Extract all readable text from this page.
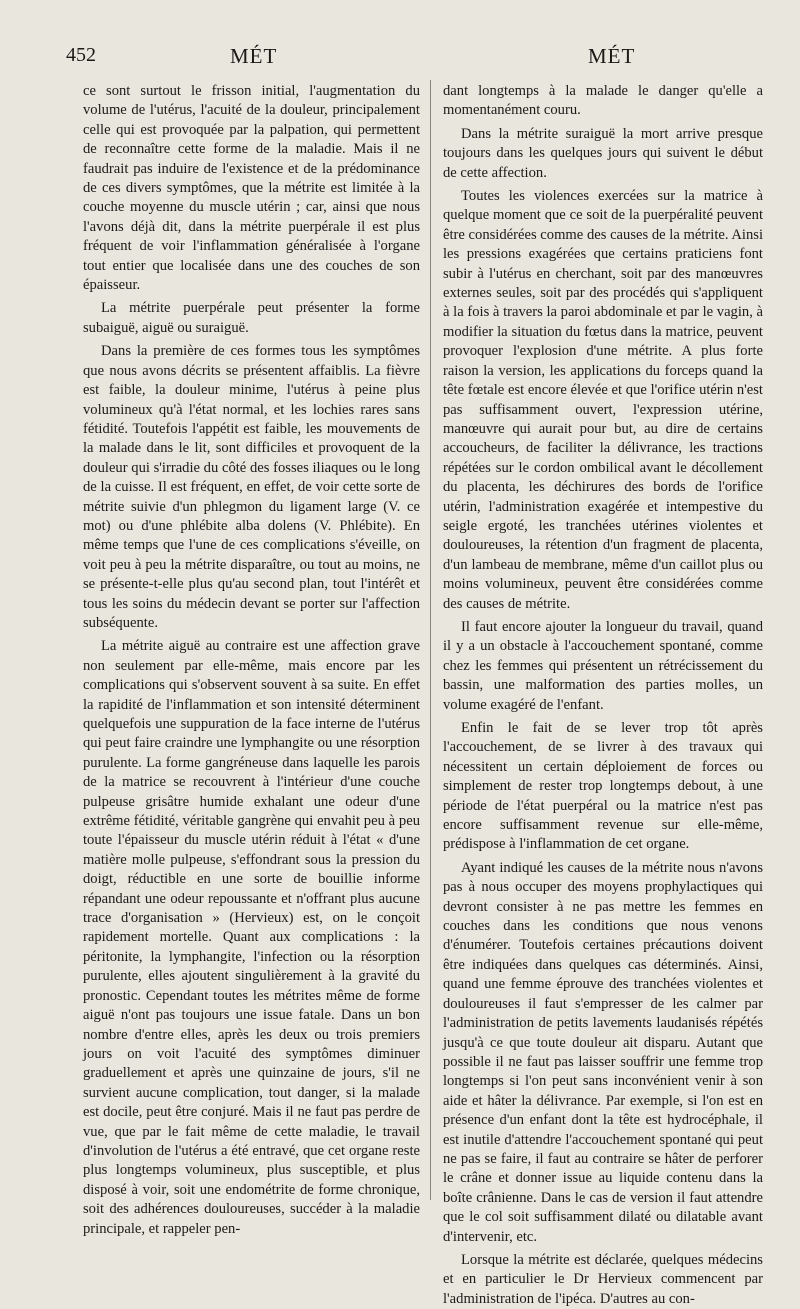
452	MÉT	MÉT

ce sont surtout le frisson initial, l'augmentation du volume de l'utérus, l'acuité de la douleur, principalement celle qui est provoquée par la palpation, qui permettent de reconnaître cette forme de la maladie. Mais il ne faudrait pas induire de l'existence et de la prédominance de ces divers symptômes, que la métrite est limitée à la couche moyenne du muscle utérin ; car, ainsi que nous l'avons déjà dit, dans la métrite puerpérale il est plus fréquent de voir l'inflammation généralisée à l'organe tout entier que localisée dans une des couches de son épaisseur.

La métrite puerpérale peut présenter la forme subaiguë, aiguë ou suraiguë.

Dans la première de ces formes tous les symptômes que nous avons décrits se présentent affaiblis. La fièvre est faible, la douleur minime, l'utérus à peine plus volumineux qu'à l'état normal, et les lochies rares sans fétidité. Toutefois l'appétit est faible, les mouvements de la malade dans le lit, sont difficiles et provoquent de la douleur qui s'irradie du côté des fosses iliaques ou le long de la cuisse. Il est fréquent, en effet, de voir cette sorte de métrite suivie d'un phlegmon du ligament large (V. ce mot) ou d'une phlébite alba dolens (V. Phlébite). En même temps que l'une de ces complications s'éveille, on voit peu à peu la métrite disparaître, ou tout au moins, ne se présente-t-elle plus qu'au second plan, tout l'intérêt et tous les soins du médecin devant se porter sur l'affection subséquente.

La métrite aiguë au contraire est une affection grave non seulement par elle-même, mais encore par les complications qui s'observent souvent à sa suite. En effet la rapidité de l'inflammation et son intensité déterminent quelquefois une suppuration de la face interne de l'utérus qui peut faire craindre une lymphangite ou une résorption purulente. La forme gangréneuse dans laquelle les parois de la matrice se recouvrent à l'intérieur d'une couche pulpeuse grisâtre humide exhalant une odeur d'une extrême fétidité, véritable gangrène qui envahit peu à peu toute l'épaisseur du muscle utérin réduit à l'état « d'une matière molle pulpeuse, s'effondrant sous la pression du doigt, réductible en une sorte de bouillie informe répandant une odeur repoussante et n'offrant plus aucune trace d'organisation » (Hervieux) est, on le conçoit rapidement mortelle. Quant aux complications : la péritonite, la lymphangite, l'infection ou la résorption purulente, elles ajoutent singulièrement à la gravité du pronostic. Cependant toutes les métrites même de forme aiguë n'ont pas toujours une issue fatale. Dans un bon nombre d'entre elles, après les deux ou trois premiers jours on voit l'acuité des symptômes diminuer graduellement et après une quinzaine de jours, s'il ne survient aucune complication, tout danger, si la malade est docile, peut être conjuré. Mais il ne faut pas perdre de vue, que par le fait même de cette maladie, le travail d'involution de l'utérus a été entravé, que cet organe reste plus longtemps volumineux, plus susceptible, et plus disposé à voir, soit une endométrite de forme chronique, soit des adhérences douloureuses, succéder à la maladie principale, et rappeler pen-

dant longtemps à la malade le danger qu'elle a momentanément couru.

Dans la métrite suraiguë la mort arrive presque toujours dans les quelques jours qui suivent le début de cette affection.

Toutes les violences exercées sur la matrice à quelque moment que ce soit de la puerpéralité peuvent être considérées comme des causes de la métrite. Ainsi les pressions exagérées que certains praticiens font subir à l'utérus en cherchant, soit par des manœuvres externes seules, soit par des procédés qui s'appliquent à la fois à travers la paroi abdominale et par le vagin, à modifier la situation du fœtus dans la matrice, peuvent provoquer l'explosion d'une métrite. A plus forte raison la version, les applications du forceps quand la tête fœtale est encore élevée et que l'orifice utérin n'est pas suffisamment ouvert, l'expression utérine, manœuvre qui aurait pour but, au dire de certains accoucheurs, de faciliter la délivrance, les tractions répétées sur le cordon ombilical avant le décollement du placenta, les déchirures des bords de l'orifice utérin, l'administration exagérée et intempestive du seigle ergoté, les tranchées utérines violentes et douloureuses, la rétention d'un fragment de placenta, d'un lambeau de membrane, même d'un caillot plus ou moins volumineux, peuvent être considérées comme des causes de métrite.

Il faut encore ajouter la longueur du travail, quand il y a un obstacle à l'accouchement spontané, comme chez les femmes qui présentent un rétrécissement du bassin, une malformation des parties molles, un volume exagéré de l'enfant.

Enfin le fait de se lever trop tôt après l'accouchement, de se livrer à des travaux qui nécessitent un certain déploiement de forces ou simplement de rester trop longtemps debout, à une période de l'état puerpéral ou la matrice n'est pas encore suffisamment revenue sur elle-même, prédispose à l'inflammation de cet organe.

Ayant indiqué les causes de la métrite nous n'avons pas à nous occuper des moyens prophylactiques qui devront consister à ne pas mettre les femmes en couches dans les conditions que nous venons d'énumérer. Toutefois certaines précautions doivent être indiquées dans quelques cas déterminés. Ainsi, quand une femme éprouve des tranchées violentes et douloureuses il faut s'empresser de les calmer par l'administration de petits lavements laudanisés répétés jusqu'à ce que toute douleur ait disparu. Autant que possible il ne faut pas laisser souffrir une femme trop longtemps si l'on peut sans inconvénient venir à son aide et hâter la délivrance. Par exemple, si l'on est en présence d'un enfant dont la tête est hydrocéphale, il est inutile d'attendre l'accouchement spontané qui peut ne pas se faire, il faut au contraire se hâter de perforer le crâne et donner issue au liquide contenu dans la boîte crânienne. Dans le cas de version il faut attendre que le col soit suffisamment dilaté ou dilatable avant d'intervenir, etc.

Lorsque la métrite est déclarée, quelques médecins et en particulier le Dr Hervieux commencent par l'administration de l'ipéca. D'autres au con-
